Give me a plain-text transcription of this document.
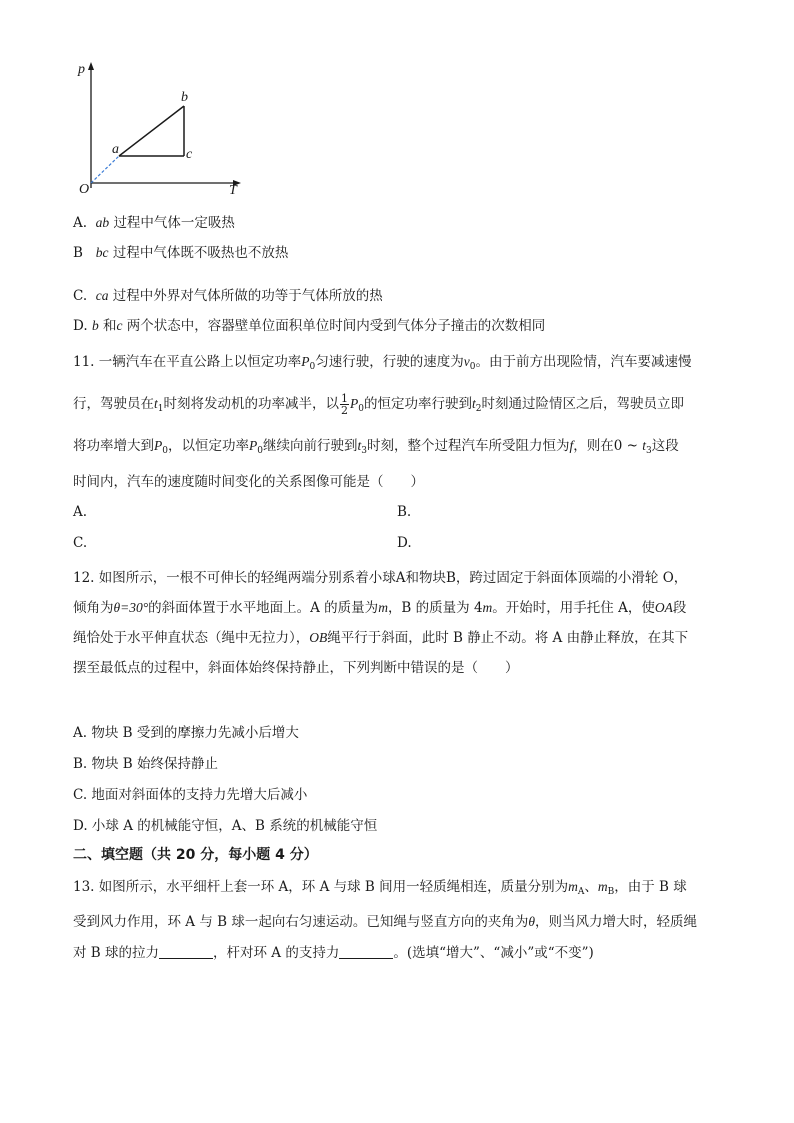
p
T
O
a
b
c
A. ab 过程中气体一定吸热
B bc 过程中气体既不吸热也不放热
C. ca 过程中外界对气体所做的功等于气体所放的热
D. b 和c 两个状态中，容器壁单位面积单位时间内受到气体分子撞击的次数相同
11. 一辆汽车在平直公路上以恒定功率$P_0$匀速行驶，行驶的速度为$v_0$。由于前方出现险情，汽车要减速慢
行，驾驶员在$t_1$时刻将发动机的功率减半，以 $\frac{1}{2} P_0$的恒定功率行驶到$t_2$时刻通过险情区之后，驾驶员立即
将功率增大到$P_0$，以恒定功率$P_0$继续向前行驶到$t_3$时刻，整个过程汽车所受阻力恒为f，则在0 ~ $t_3$这段
时间内，汽车的速度随时间变化的关系图像可能是（　　）
A.	B.
C.	D.
12. 如图所示，一根不可伸长的轻绳两端分别系着小球A和物块B，跨过固定于斜面体顶端的小滑轮 O，
倾角为θ=30°的斜面体置于水平地面上。A 的质量为m，B 的质量为 4m。开始时，用手托住 A，使OA段
绳恰处于水平伸直状态（绳中无拉力），OB绳平行于斜面，此时 B 静止不动。将 A 由静止释放，在其下
摆至最低点的过程中，斜面体始终保持静止，下列判断中错误的是（　　）
A. 物块 B 受到的摩擦力先减小后增大
B. 物块 B 始终保持静止
C. 地面对斜面体的支持力先增大后减小
D. 小球 A 的机械能守恒，A、B 系统的机械能守恒
二、填空题（共 20 分，每小题 4 分）
13. 如图所示，水平细杆上套一环 A，环 A 与球 B 间用一轻质绳相连，质量分别为$m_A$、$m_B$，由于 B 球
受到风力作用，环 A 与 B 球一起向右匀速运动。已知绳与竖直方向的夹角为θ，则当风力增大时，轻质绳
对 B 球的拉力	，杆对环 A 的支持力	。(选填“增大”、“减小”或“不变”)
